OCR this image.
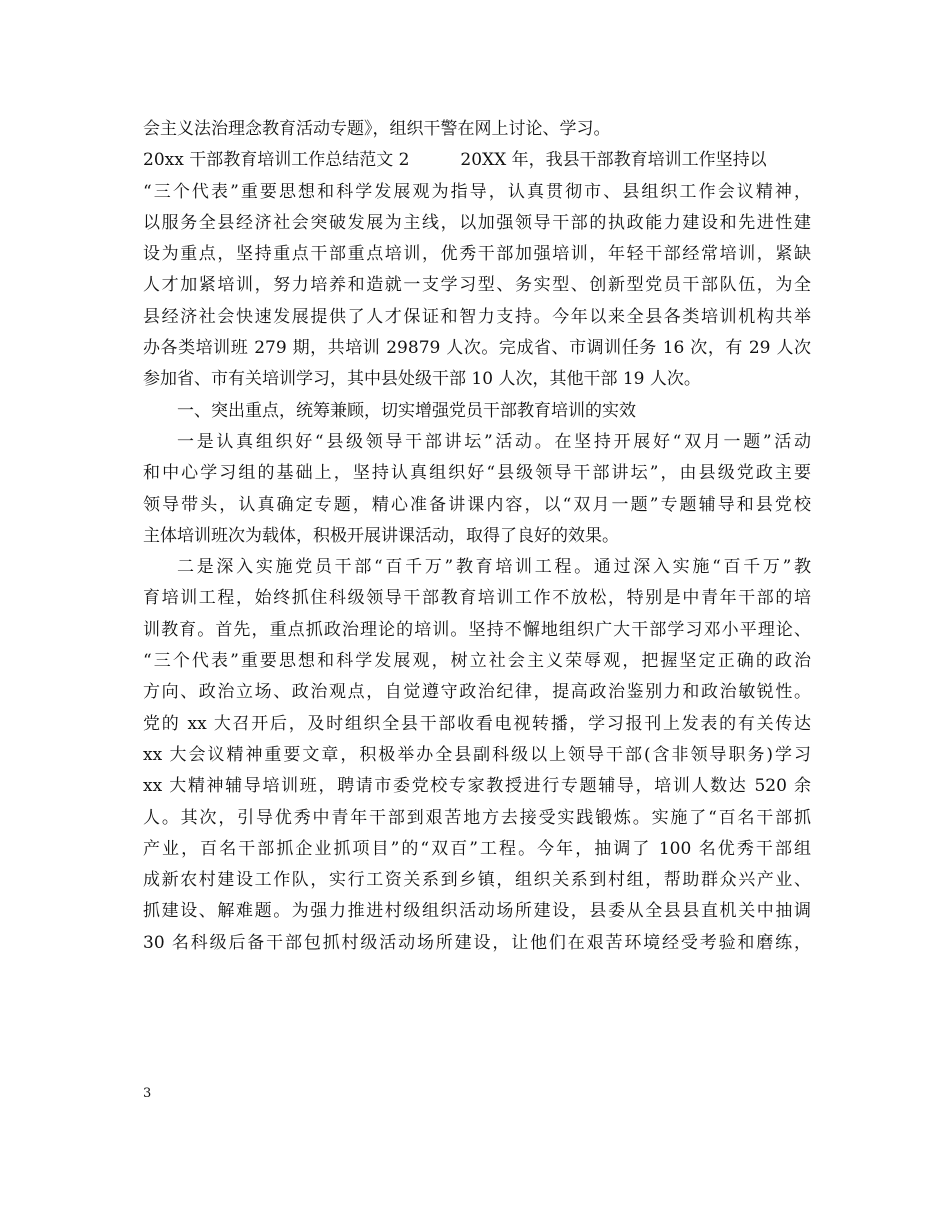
会主义法治理念教育活动专题》，组织干警在网上讨论、学习。
20xx 干部教育培训工作总结范文 2　　　20XX 年，我县干部教育培训工作坚持以
“三个代表”重要思想和科学发展观为指导，认真贯彻市、县组织工作会议精神，
以服务全县经济社会突破发展为主线，以加强领导干部的执政能力建设和先进性建
设为重点，坚持重点干部重点培训，优秀干部加强培训，年轻干部经常培训，紧缺
人才加紧培训，努力培养和造就一支学习型、务实型、创新型党员干部队伍，为全
县经济社会快速发展提供了人才保证和智力支持。今年以来全县各类培训机构共举
办各类培训班 279 期，共培训 29879 人次。完成省、市调训任务 16 次，有 29 人次
参加省、市有关培训学习，其中县处级干部 10 人次，其他干部 19 人次。
一、突出重点，统筹兼顾，切实增强党员干部教育培训的实效
一是认真组织好“县级领导干部讲坛”活动。在坚持开展好“双月一题”活动
和中心学习组的基础上，坚持认真组织好“县级领导干部讲坛”，由县级党政主要
领导带头，认真确定专题，精心准备讲课内容，以“双月一题”专题辅导和县党校
主体培训班次为载体，积极开展讲课活动，取得了良好的效果。
二是深入实施党员干部“百千万”教育培训工程。通过深入实施“百千万”教
育培训工程，始终抓住科级领导干部教育培训工作不放松，特别是中青年干部的培
训教育。首先，重点抓政治理论的培训。坚持不懈地组织广大干部学习邓小平理论、
“三个代表”重要思想和科学发展观，树立社会主义荣辱观，把握坚定正确的政治
方向、政治立场、政治观点，自觉遵守政治纪律，提高政治鉴别力和政治敏锐性。
党的 xx 大召开后，及时组织全县干部收看电视转播，学习报刊上发表的有关传达
xx 大会议精神重要文章，积极举办全县副科级以上领导干部(含非领导职务)学习
xx 大精神辅导培训班，聘请市委党校专家教授进行专题辅导，培训人数达 520 余
人。其次，引导优秀中青年干部到艰苦地方去接受实践锻炼。实施了“百名干部抓
产业，百名干部抓企业抓项目”的“双百”工程。今年，抽调了 100 名优秀干部组
成新农村建设工作队，实行工资关系到乡镇，组织关系到村组，帮助群众兴产业、
抓建设、解难题。为强力推进村级组织活动场所建设，县委从全县县直机关中抽调
30 名科级后备干部包抓村级活动场所建设，让他们在艰苦环境经受考验和磨练，
3
